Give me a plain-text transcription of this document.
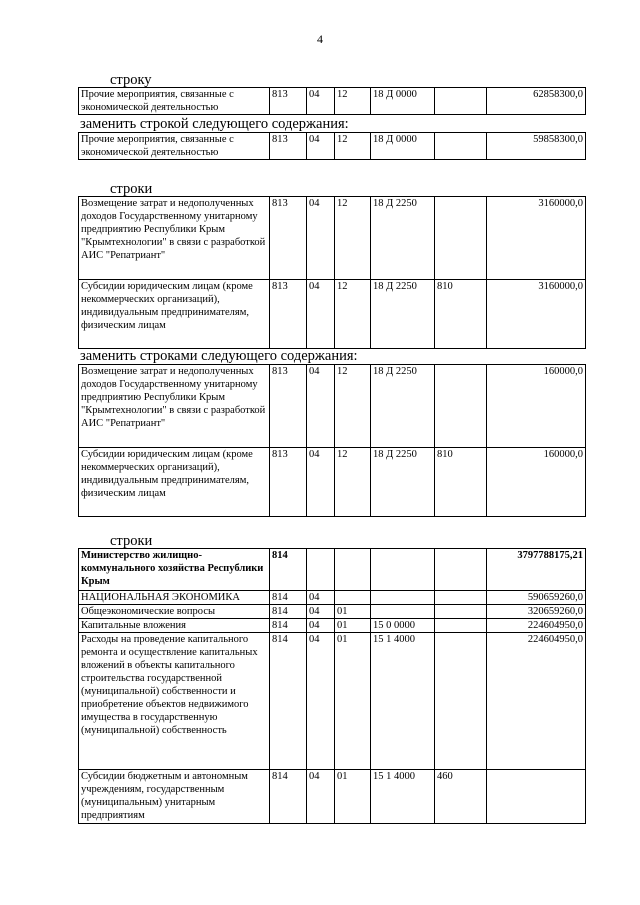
4
строку
Прочие мероприятия, связанные с экономической деятельностью	813	04	12	18 Д 0000		62858300,0
заменить строкой следующего содержания:
Прочие мероприятия, связанные с экономической деятельностью	813	04	12	18 Д 0000		59858300,0
строки
Возмещение затрат и недополученных доходов Государственному унитарному предприятию Республики Крым "Крымтехнологии" в связи с разработкой АИС "Репатриант"	813	04	12	18 Д 2250		3160000,0
Субсидии юридическим лицам (кроме некоммерческих организаций), индивидуальным предпринимателям, физическим лицам	813	04	12	18 Д 2250	810	3160000,0
заменить строками следующего содержания:
Возмещение затрат и недополученных доходов Государственному унитарному предприятию Республики Крым "Крымтехнологии" в связи с разработкой АИС "Репатриант"	813	04	12	18 Д 2250		160000,0
Субсидии юридическим лицам (кроме некоммерческих организаций), индивидуальным предпринимателям, физическим лицам	813	04	12	18 Д 2250	810	160000,0
строки
Министерство жилищно-коммунального хозяйства Республики Крым	814					3797788175,21
НАЦИОНАЛЬНАЯ ЭКОНОМИКА	814	04				590659260,0
Общеэкономические вопросы	814	04	01			320659260,0
Капитальные вложения	814	04	01	15 0 0000		224604950,0
Расходы на проведение капитального ремонта и осуществление капитальных вложений в объекты капитального строительства государственной (муниципальной) собственности и приобретение объектов недвижимого имущества в государственную (муниципальной) собственность	814	04	01	15 1 4000		224604950,0
Субсидии бюджетным и автономным учреждениям, государственным (муниципальным) унитарным предприятиям	814	04	01	15 1 4000	460	
